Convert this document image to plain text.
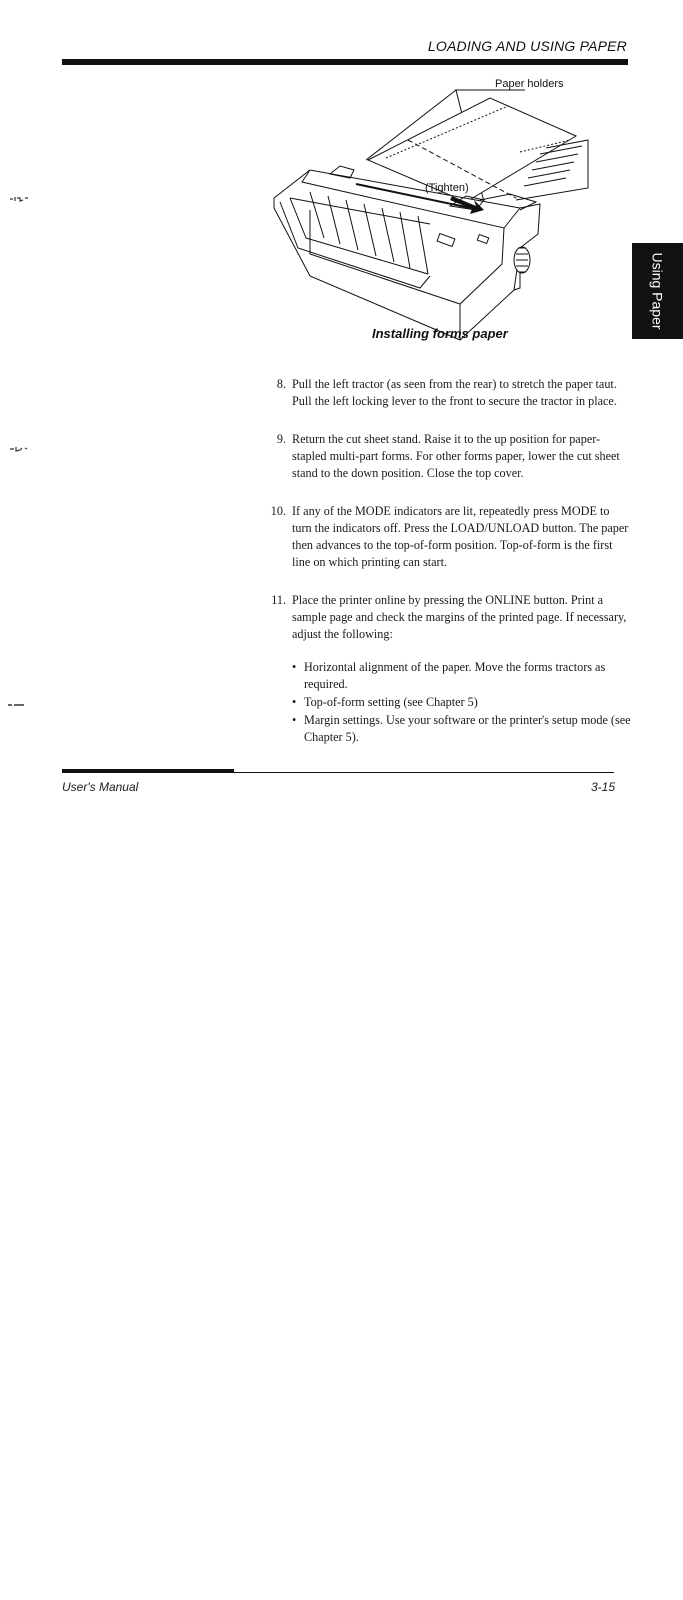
LOADING AND USING PAPER
Using Paper
Paper holders
(Tighten)
Installing forms paper
8. Pull the left tractor (as seen from the rear) to stretch the paper taut. Pull the left locking lever to the front to secure the tractor in place.

9. Return the cut sheet stand. Raise it to the up position for paper-stapled multi-part forms. For other forms paper, lower the cut sheet stand to the down position. Close the top cover.

10. If any of the MODE indicators are lit, repeatedly press MODE to turn the indicators off. Press the LOAD/UNLOAD button. The paper then advances to the top-of-form position. Top-of-form is the first line on which printing can start.

11. Place the printer online by pressing the ONLINE button. Print a sample page and check the margins of the printed page. If necessary, adjust the following:

• Horizontal alignment of the paper. Move the forms tractors as required.
• Top-of-form setting (see Chapter 5)
• Margin settings. Use your software or the printer's setup mode (see Chapter 5).
User's Manual	3-15
